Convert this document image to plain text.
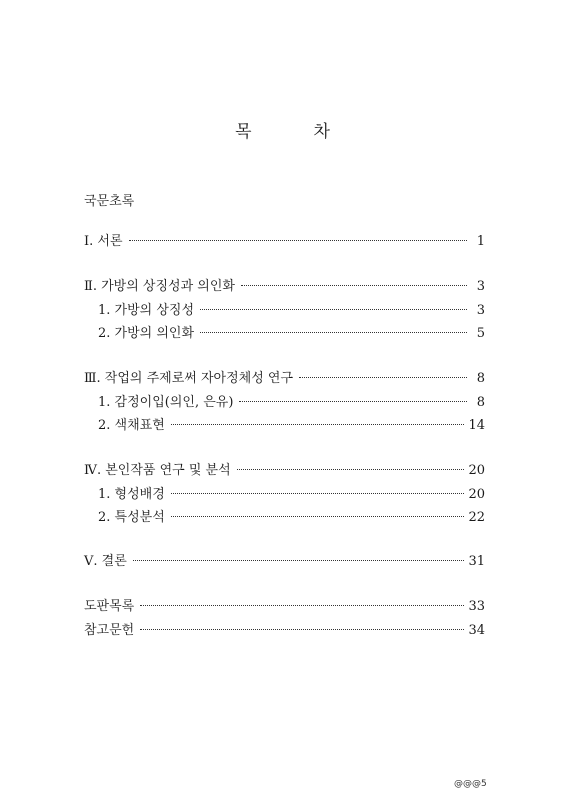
목	차
국문초록
Ⅰ. 서론	1
Ⅱ. 가방의 상징성과 의인화	3
1. 가방의 상징성	3
2. 가방의 의인화	5
Ⅲ. 작업의 주제로써 자아정체성 연구	8
1. 감정이입(의인, 은유)	8
2. 색채표현	14
Ⅳ. 본인작품 연구 및 분석	20
1. 형성배경	20
2. 특성분석	22
Ⅴ. 결론	31
도판목록	33
참고문헌	34
@@@5
